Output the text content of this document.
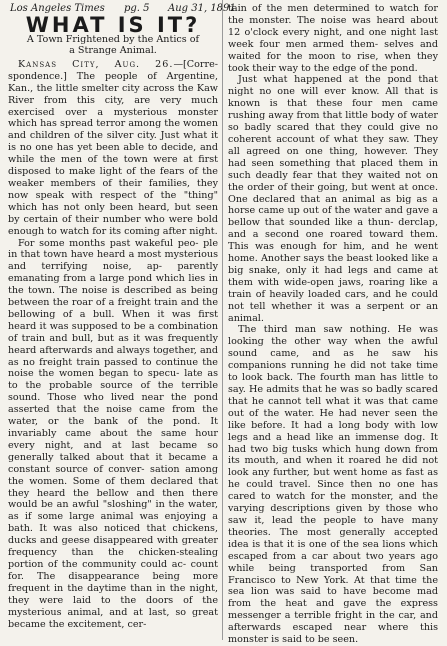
Los Angeles Times pg. 5 Aug 31, 1891
WHAT IS IT?
A Town Frightened by the Antics of
a Strange Animal.

Kansas City, Aug. 26.—[Corre- spondence.] The people of Argentine, Kan., the little smelter city across the Kaw River from this city, are very much exercised over a mysterious monster which has spread terror among the women and children of the silver city. Just what it is no one has yet been able to decide, and while the men of the town were at first disposed to make light of the fears of the weaker members of their families, they now speak with respect of the "thing" which has not only been heard, but seen by certain of their number who were bold enough to watch for its coming after night.

For some months past wakeful peo- ple in that town have heard a most mysterious and terrifying noise, ap- parently emanating from a large pond which lies in the town. The noise is described as being between the roar of a freight train and the bellowing of a bull. When it was first heard it was supposed to be a combination of train and bull, but as it was frequently heard afterwards and always together, and as no freight train passed to continue the noise the women began to specu- late as to the probable source of the terrible sound. Those who lived near the pond asserted that the noise came from the water, or the bank of the pond. It invariably came about the same hour every night, and at last became so generally talked about that it became a constant source of conver- sation among the women. Some of them declared that they heard the bellow and then there would be an awful "sloshing" in the water, as if some large animal was enjoying a bath. It was also noticed that chickens, ducks and geese disappeared with greater frequency than the chicken-stealing portion of the community could ac- count for. The disappearance being more frequent in the daytime than in the night, they were laid to the doors of the mysterious animal, and at last, so great became the excitement, cer-

tain of the men determined to watch for the monster. The noise was heard about 12 o'clock every night, and one night last week four men armed them- selves and waited for the moon to rise, when they took their way to the edge of the pond.

Just what happened at the pond that night no one will ever know. All that is known is that these four men came rushing away from that little body of water so badly scared that they could give no coherent account of what they saw. They all agreed on one thing, however. They had seen something that placed them in such deadly fear that they waited not on the order of their going, but went at once. One declared that an animal as big as a horse came up out of the water and gave a bellow that sounded like a thun- derclap, and a second one roared toward them. This was enough for him, and he went home. Another says the beast looked like a big snake, only it had legs and came at them with wide-open jaws, roaring like a train of heavily loaded cars, and he could not tell whether it was a serpent or an animal.

The third man saw nothing. He was looking the other way when the awful sound came, and as he saw his companions running he did not take time to look back. The fourth man has little to say. He admits that he was so badly scared that he cannot tell what it was that came out of the water. He had never seen the like before. It had a long body with low legs and a head like an immense dog. It had two big tusks which hung down from its mouth, and when it roared he did not look any further, but went home as fast as he could travel. Since then no one has cared to watch for the monster, and the varying descriptions given by those who saw it, lead the people to have many theories. The most generally accepted idea is that it is one of the sea lions which escaped from a car about two years ago while being transported from San Francisco to New York. At that time the sea lion was said to have become mad from the heat and gave the express messenger a terrible fright in the car, and afterwards escaped near where this monster is said to be seen.
